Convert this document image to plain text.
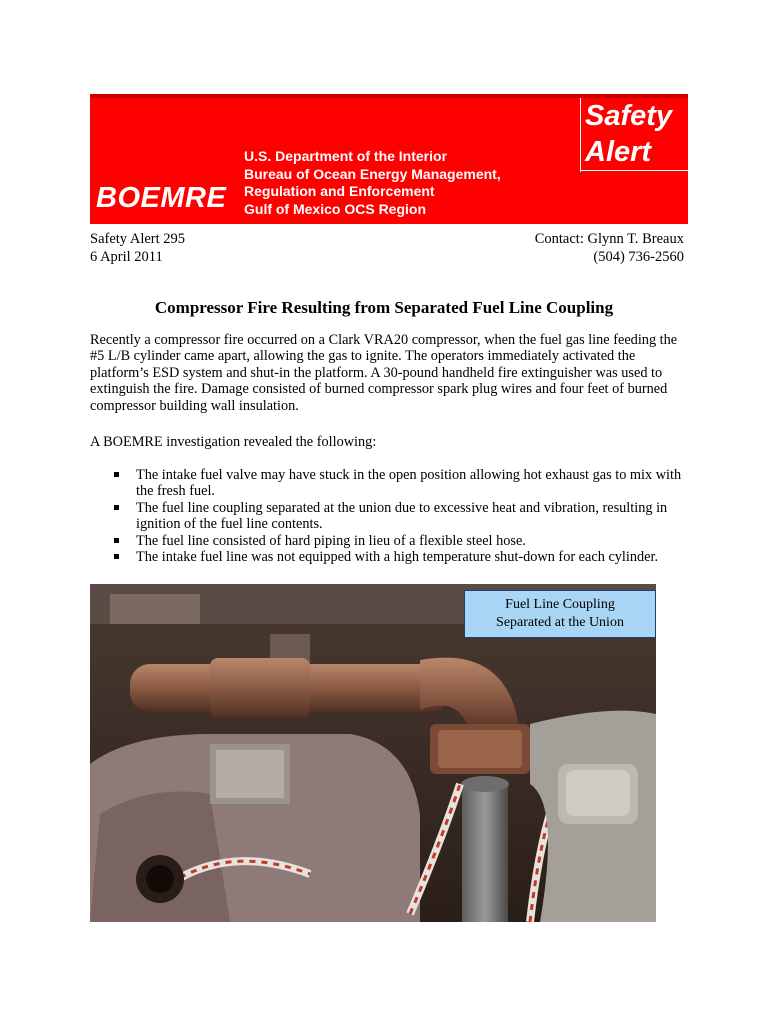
U.S. Department of the Interior
Bureau of Ocean Energy Management,
Regulation and Enforcement
Gulf of Mexico OCS Region
BOEMRE
Safety
Alert
Safety Alert 295
6 April 2011
Contact: Glynn T. Breaux
(504) 736-2560
Compressor Fire Resulting from Separated Fuel Line Coupling
Recently a compressor fire occurred on a Clark VRA20 compressor, when the fuel gas line feeding the #5 L/B cylinder came apart, allowing the gas to ignite. The operators immediately activated the platform’s ESD system and shut-in the platform. A 30-pound handheld fire extinguisher was used to extinguish the fire. Damage consisted of burned compressor spark plug wires and four feet of burned compressor building wall insulation.
A BOEMRE investigation revealed the following:
The intake fuel valve may have stuck in the open position allowing hot exhaust gas to mix with the fresh fuel.
The fuel line coupling separated at the union due to excessive heat and vibration, resulting in ignition of the fuel line contents.
The fuel line consisted of hard piping in lieu of a flexible steel hose.
The intake fuel line was not equipped with a high temperature shut-down for each cylinder.
Fuel Line Coupling
Separated at the Union
